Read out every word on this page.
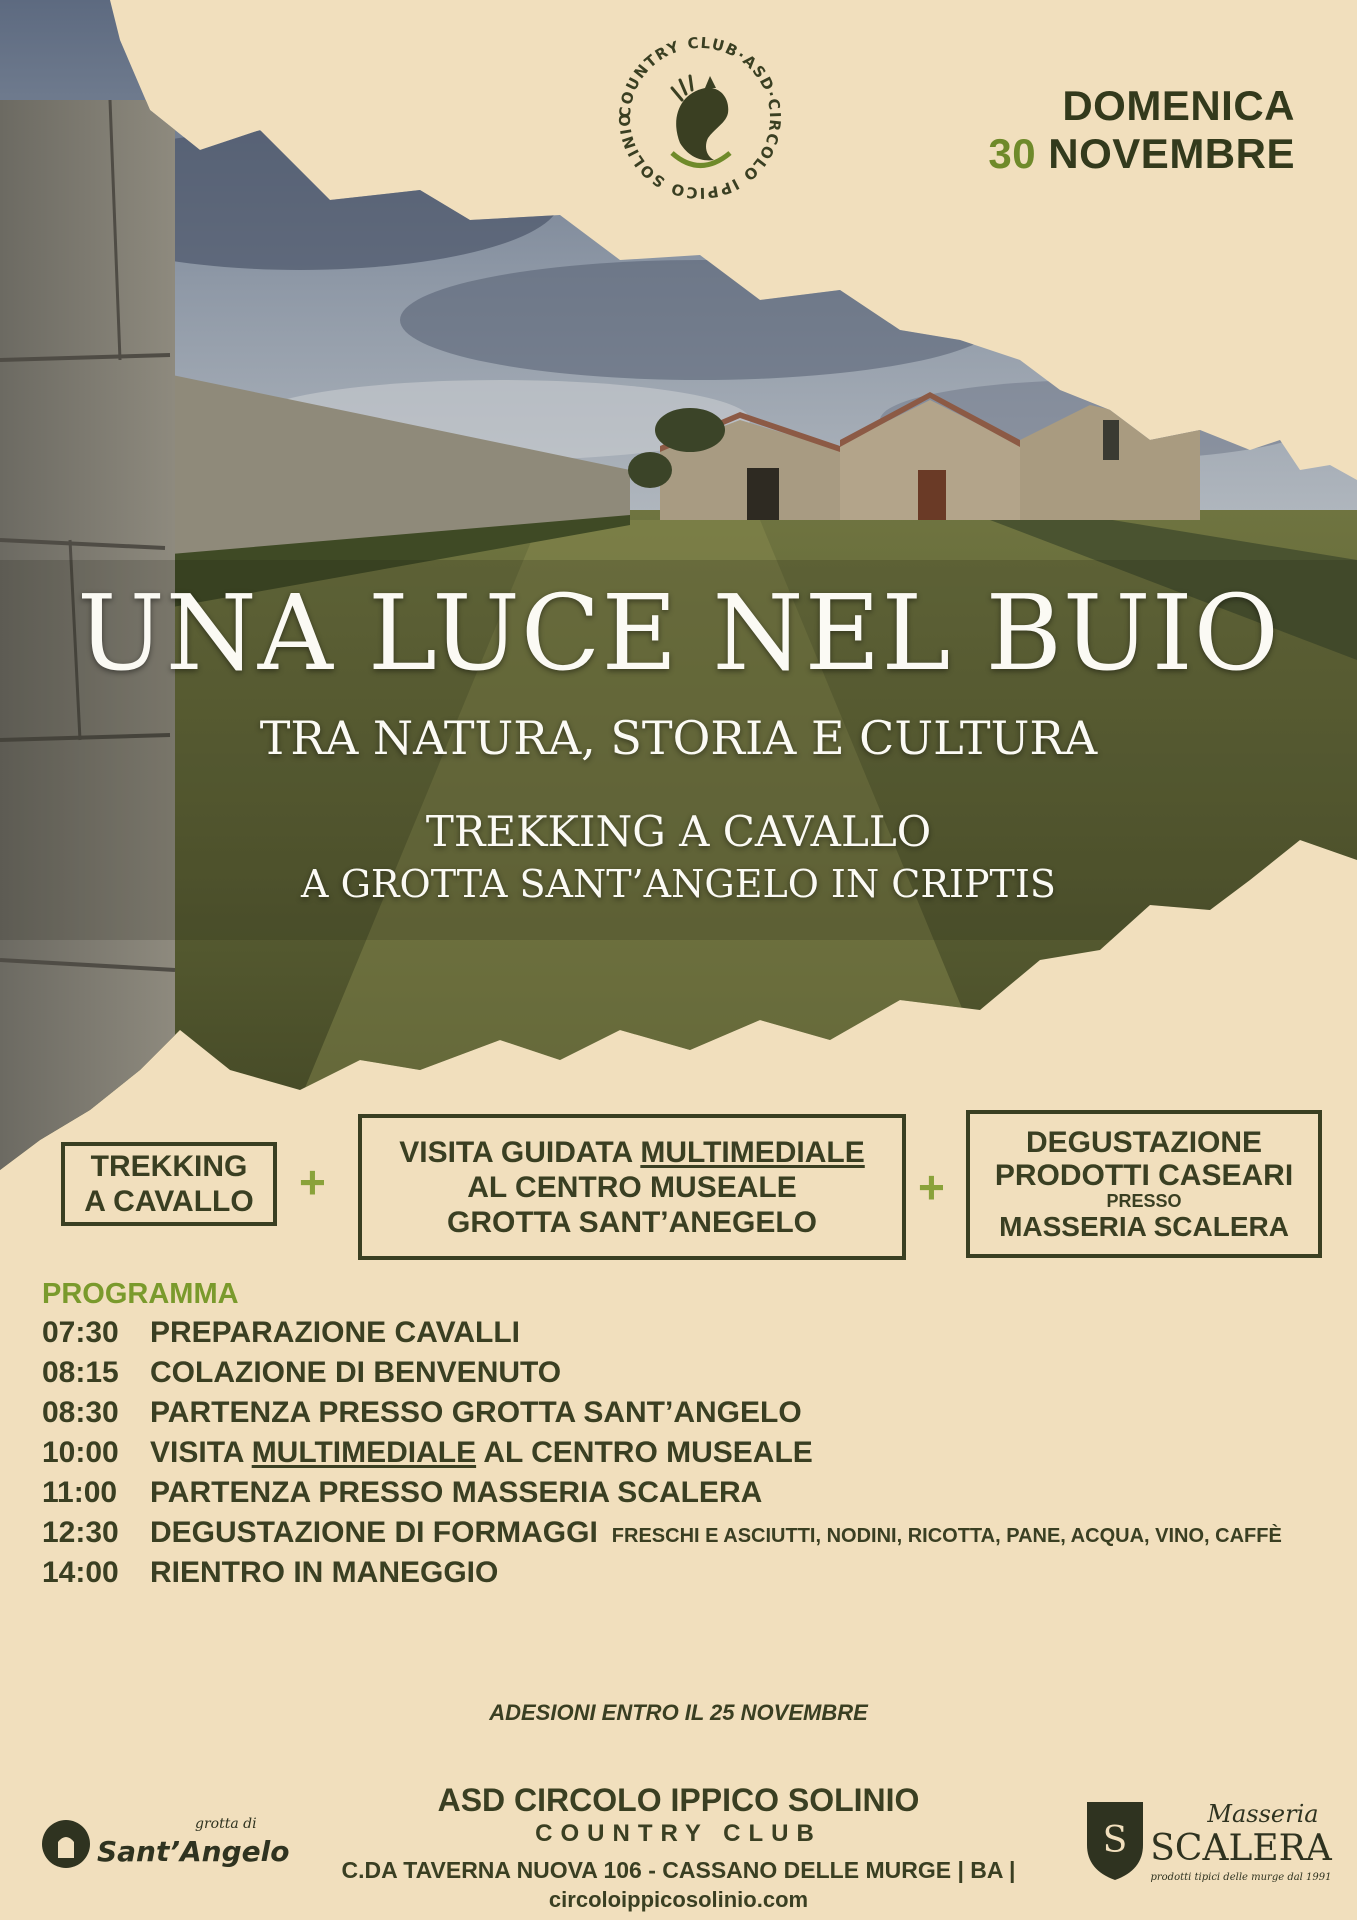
COUNTRY CLUB·ASD·CIRCOLO IPPICO SOLINIO	DOMENICA
30 NOVEMBRE
UNA LUCE NEL BUIO
TRA NATURA, STORIA E CULTURA
TREKKING A CAVALLO
A GROTTA SANT’ANGELO IN CRIPTIS
TREKKING
A CAVALLO +
VISITA GUIDATA MULTIMEDIALE
AL CENTRO MUSEALE
GROTTA SANT’ANEGELO
+
DEGUSTAZIONE
PRODOTTI CASEARI
PRESSO
MASSERIA SCALERA
PROGRAMMA
07:30 PREPARAZIONE CAVALLI
08:15 COLAZIONE DI BENVENUTO
08:30 PARTENZA PRESSO GROTTA SANT’ANGELO
10:00 VISITA MULTIMEDIALE AL CENTRO MUSEALE
11:00 PARTENZA PRESSO MASSERIA SCALERA
12:30 DEGUSTAZIONE DI FORMAGGI FRESCHI E ASCIUTTI, NODINI, RICOTTA, PANE, ACQUA, VINO, CAFFÈ
14:00 RIENTRO IN MANEGGIO
ADESIONI ENTRO IL 25 NOVEMBRE
ASD CIRCOLO IPPICO SOLINIO
COUNTRY CLUB
C.DA TAVERNA NUOVA 106 - CASSANO DELLE MURGE | BA |
circoloippicosolinio.com
grotta di
Sant’Angelo	S
Masseria
SCALERA
prodotti tipici delle murge dal 1991
